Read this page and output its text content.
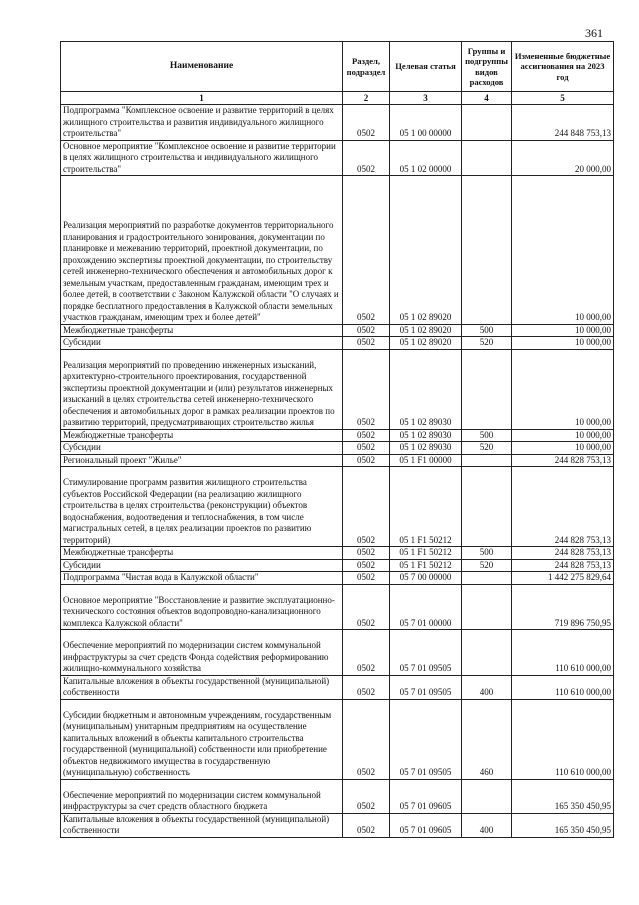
361
Наименование	Раздел, подраздел	Целевая статья	Группы и подгруппы видов расходов	Измененные бюджетные ассигнования на 2023 год
1	2	3	4	5
Подпрограмма "Комплексное освоение и развитие территорий в целях жилищного строительства и развития индивидуального жилищного строительства"	0502	05 1 00 00000		244 848 753,13
Основное мероприятие "Комплексное освоение и развитие территории в целях жилищного строительства и индивидуального жилищного строительства"	0502	05 1 02 00000		20 000,00
Реализация мероприятий по разработке документов территориального планирования и градостроительного зонирования, документации по планировке и межеванию территорий, проектной документации, по прохождению экспертизы проектной документации, по строительству сетей инженерно-технического обеспечения и автомобильных дорог к земельным участкам, предоставленным гражданам, имеющим трех и более детей, в соответствии с Законом Калужской области "О случаях и порядке бесплатного предоставления в Калужской области земельных участков гражданам, имеющим трех и более детей"	0502	05 1 02 89020		10 000,00
Межбюджетные трансферты	0502	05 1 02 89020	500	10 000,00
Субсидии	0502	05 1 02 89020	520	10 000,00
Реализация мероприятий по проведению инженерных изысканий, архитектурно-строительного проектирования, государственной экспертизы проектной документации и (или) результатов инженерных изысканий в целях строительства сетей инженерно-технического обеспечения и автомобильных дорог в рамках реализации проектов по развитию территорий, предусматривающих строительство жилья	0502	05 1 02 89030		10 000,00
Межбюджетные трансферты	0502	05 1 02 89030	500	10 000,00
Субсидии	0502	05 1 02 89030	520	10 000,00
Региональный проект "Жилье"	0502	05 1 F1 00000		244 828 753,13
Стимулирование программ развития жилищного строительства субъектов Российской Федерации (на реализацию жилищного строительства в целях строительства (реконструкции) объектов водоснабжения, водоотведения и теплоснабжения, в том числе магистральных сетей, в целях реализации проектов по развитию территорий)	0502	05 1 F1 50212		244 828 753,13
Межбюджетные трансферты	0502	05 1 F1 50212	500	244 828 753,13
Субсидии	0502	05 1 F1 50212	520	244 828 753,13
Подпрограмма "Чистая вода в Калужской области"	0502	05 7 00 00000		1 442 275 829,64
Основное мероприятие "Восстановление и развитие эксплуатационно-технического состояния объектов водопроводно-канализационного комплекса Калужской области"	0502	05 7 01 00000		719 896 750,95
Обеспечение мероприятий по модернизации систем коммунальной инфраструктуры за счет средств Фонда содействия реформированию жилищно-коммунального хозяйства	0502	05 7 01 09505		110 610 000,00
Капитальные вложения в объекты государственной (муниципальной) собственности	0502	05 7 01 09505	400	110 610 000,00
Субсидии бюджетным и автономным учреждениям, государственным (муниципальным) унитарным предприятиям на осуществление капитальных вложений в объекты капитального строительства государственной (муниципальной) собственности или приобретение объектов недвижимого имущества в государственную (муниципальную) собственность	0502	05 7 01 09505	460	110 610 000,00
Обеспечение мероприятий по модернизации систем коммунальной инфраструктуры за счет средств областного бюджета	0502	05 7 01 09605		165 350 450,95
Капитальные вложения в объекты государственной (муниципальной) собственности	0502	05 7 01 09605	400	165 350 450,95
